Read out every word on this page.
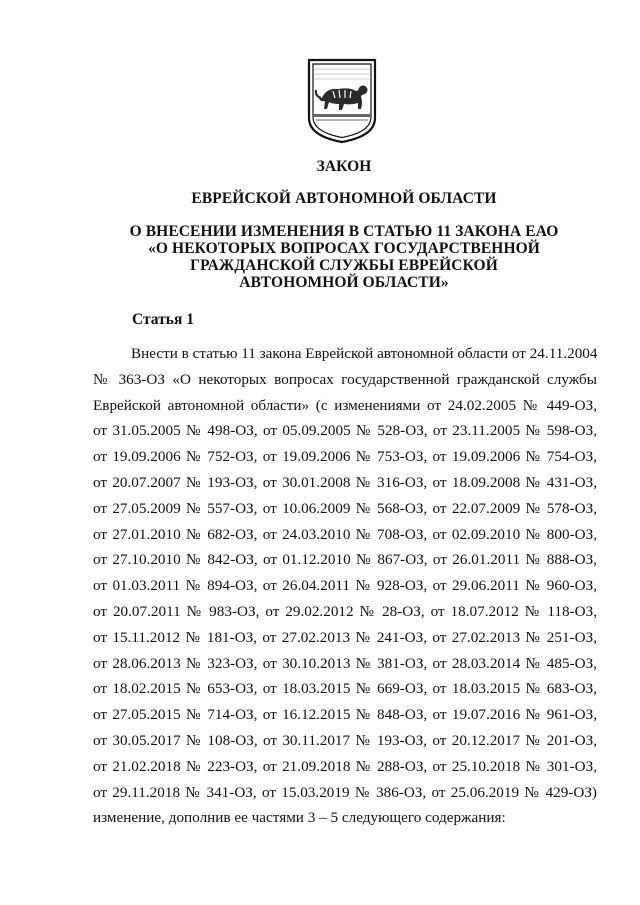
ЗАКОН
ЕВРЕЙСКОЙ АВТОНОМНОЙ ОБЛАСТИ
О ВНЕСЕНИИ ИЗМЕНЕНИЯ В СТАТЬЮ 11 ЗАКОНА ЕАО
«О НЕКОТОРЫХ ВОПРОСАХ ГОСУДАРСТВЕННОЙ
ГРАЖДАНСКОЙ СЛУЖБЫ ЕВРЕЙСКОЙ
АВТОНОМНОЙ ОБЛАСТИ»
Статья 1
Внести в статью 11 закона Еврейской автономной области от 24.11.2004
№ 363-ОЗ «О некоторых вопросах государственной гражданской службы
Еврейской автономной области» (с изменениями от 24.02.2005 № 449-ОЗ,
от 31.05.2005 № 498-ОЗ, от 05.09.2005 № 528-ОЗ, от 23.11.2005 № 598-ОЗ,
от 19.09.2006 № 752-ОЗ, от 19.09.2006 № 753-ОЗ, от 19.09.2006 № 754-ОЗ,
от 20.07.2007 № 193-ОЗ, от 30.01.2008 № 316-ОЗ, от 18.09.2008 № 431-ОЗ,
от 27.05.2009 № 557-ОЗ, от 10.06.2009 № 568-ОЗ, от 22.07.2009 № 578-ОЗ,
от 27.01.2010 № 682-ОЗ, от 24.03.2010 № 708-ОЗ, от 02.09.2010 № 800-ОЗ,
от 27.10.2010 № 842-ОЗ, от 01.12.2010 № 867-ОЗ, от 26.01.2011 № 888-ОЗ,
от 01.03.2011 № 894-ОЗ, от 26.04.2011 № 928-ОЗ, от 29.06.2011 № 960-ОЗ,
от 20.07.2011 № 983-ОЗ, от 29.02.2012 № 28-ОЗ, от 18.07.2012 № 118-ОЗ,
от 15.11.2012 № 181-ОЗ, от 27.02.2013 № 241-ОЗ, от 27.02.2013 № 251-ОЗ,
от 28.06.2013 № 323-ОЗ, от 30.10.2013 № 381-ОЗ, от 28.03.2014 № 485-ОЗ,
от 18.02.2015 № 653-ОЗ, от 18.03.2015 № 669-ОЗ, от 18.03.2015 № 683-ОЗ,
от 27.05.2015 № 714-ОЗ, от 16.12.2015 № 848-ОЗ, от 19.07.2016 № 961-ОЗ,
от 30.05.2017 № 108-ОЗ, от 30.11.2017 № 193-ОЗ, от 20.12.2017 № 201-ОЗ,
от 21.02.2018 № 223-ОЗ, от 21.09.2018 № 288-ОЗ, от 25.10.2018 № 301-ОЗ,
от 29.11.2018 № 341-ОЗ, от 15.03.2019 № 386-ОЗ, от 25.06.2019 № 429-ОЗ)
изменение, дополнив ее частями 3 – 5 следующего содержания:
